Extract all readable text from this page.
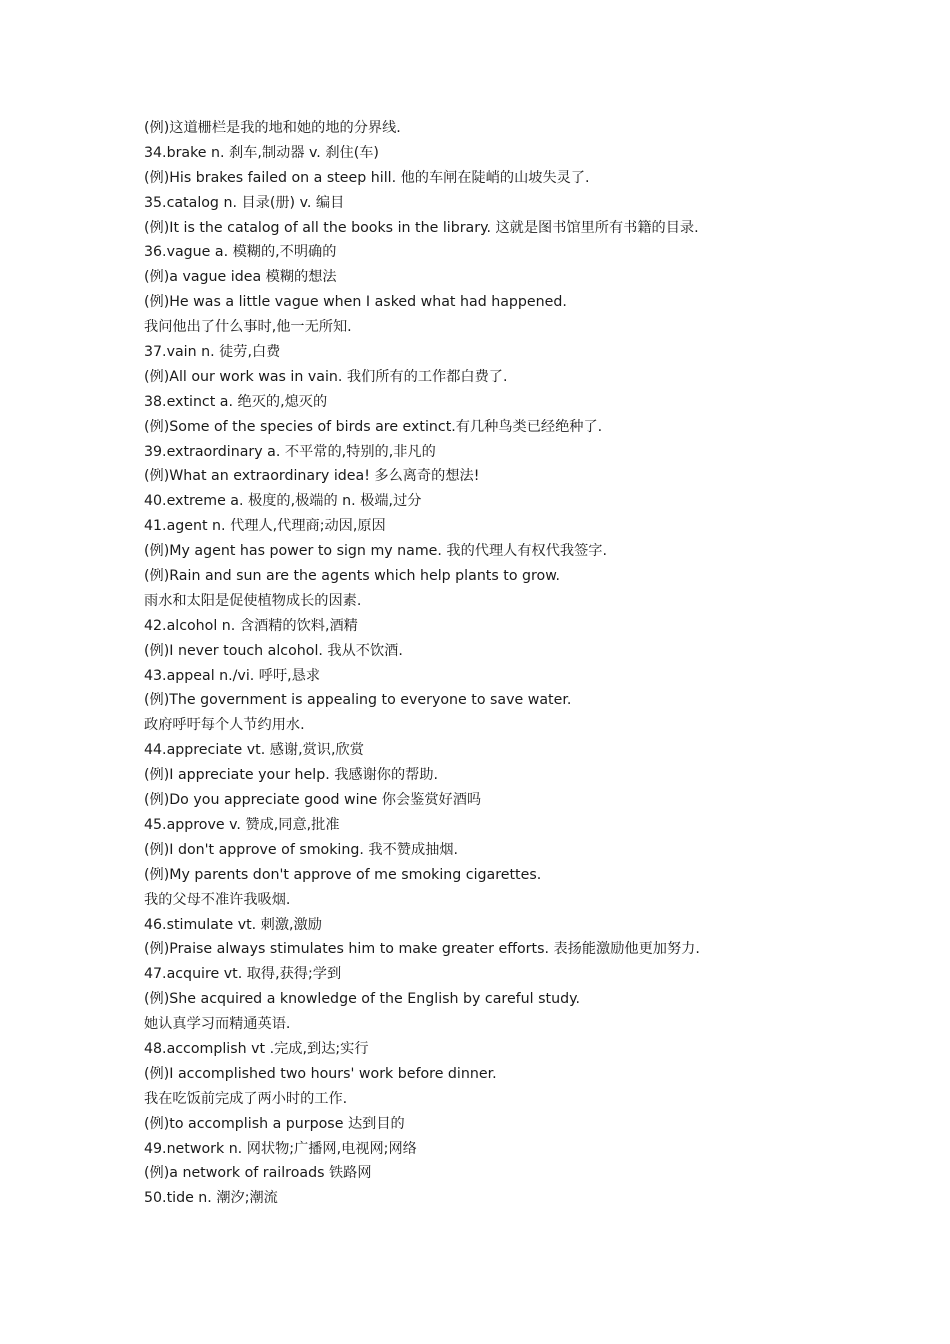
(例)这道栅栏是我的地和她的地的分界线.
34.brake n. 刹车,制动器 v. 刹住(车)
(例)His brakes failed on a steep hill. 他的车闸在陡峭的山坡失灵了.
35.catalog n. 目录(册) v. 编目
(例)It is the catalog of all the books in the library. 这就是图书馆里所有书籍的目录.
36.vague a. 模糊的,不明确的
(例)a vague idea 模糊的想法
(例)He was a little vague when I asked what had happened.
我问他出了什么事时,他一无所知.
37.vain n. 徒劳,白费
(例)All our work was in vain. 我们所有的工作都白费了.
38.extinct a. 绝灭的,熄灭的
(例)Some of the species of birds are extinct.有几种鸟类已经绝种了.
39.extraordinary a. 不平常的,特别的,非凡的
(例)What an extraordinary idea! 多么离奇的想法!
40.extreme a. 极度的,极端的 n. 极端,过分
41.agent n. 代理人,代理商;动因,原因
(例)My agent has power to sign my name. 我的代理人有权代我签字.
(例)Rain and sun are the agents which help plants to grow.
雨水和太阳是促使植物成长的因素.
42.alcohol n. 含酒精的饮料,酒精
(例)I never touch alcohol. 我从不饮酒.
43.appeal n./vi. 呼吁,恳求
(例)The government is appealing to everyone to save water.
政府呼吁每个人节约用水.
44.appreciate vt. 感谢,赏识,欣赏
(例)I appreciate your help. 我感谢你的帮助.
(例)Do you appreciate good wine 你会鉴赏好酒吗
45.approve v. 赞成,同意,批准
(例)I don't approve of smoking. 我不赞成抽烟.
(例)My parents don't approve of me smoking cigarettes.
我的父母不准许我吸烟.
46.stimulate vt. 刺激,激励
(例)Praise always stimulates him to make greater efforts. 表扬能激励他更加努力.
47.acquire vt. 取得,获得;学到
(例)She acquired a knowledge of the English by careful study.
她认真学习而精通英语.
48.accomplish vt .完成,到达;实行
(例)I accomplished two hours' work before dinner.
我在吃饭前完成了两小时的工作.
(例)to accomplish a purpose 达到目的
49.network n. 网状物;广播网,电视网;网络
(例)a network of railroads 铁路网
50.tide n. 潮汐;潮流
